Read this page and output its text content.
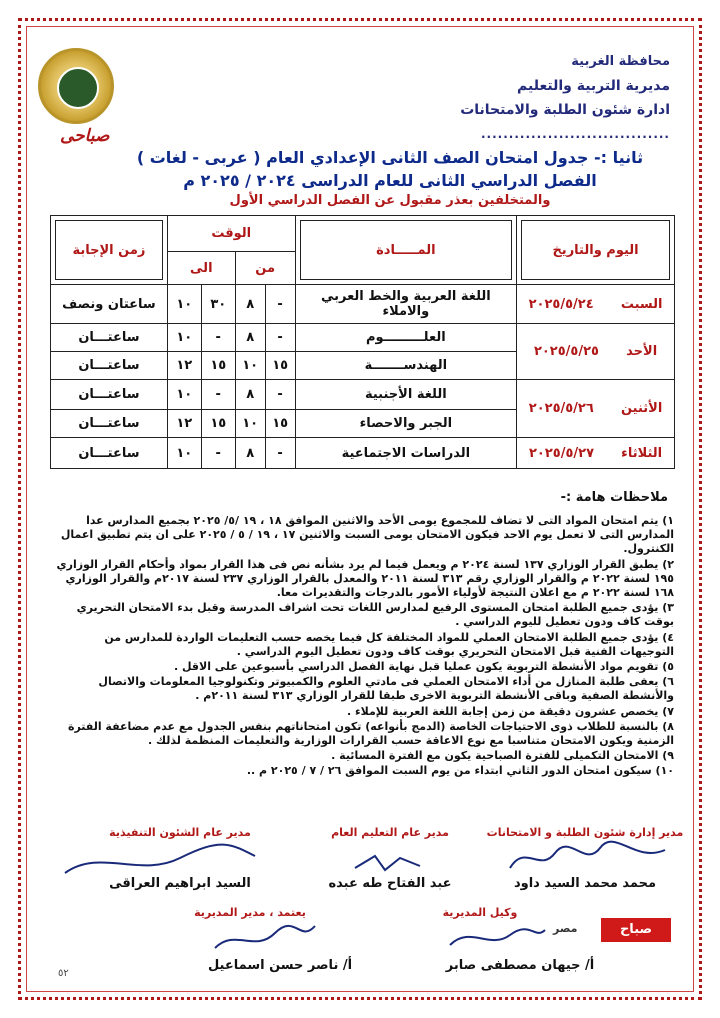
محافظة الغربية
مديرية التربية والتعليم
ادارة شئون الطلبة والامتحانات
..................................
صباحى
ثانيا :- جدول امتحان الصف الثانى الإعدادي العام ( عربى - لغات )
الفصل الدراسي الثانى للعام الدراسى ٢٠٢٤ / ٢٠٢٥ م
والمتخلفين بعذر مقبول عن الفصل الدراسي الأول
اليوم والتاريخ	المـــــادة	الوقت				زمن الإجابة
		من		الى		
السبت      ٢٠٢٥/٥/٢٤	اللغة العربية والخط العربي والاملاء	-	٨	٣٠	١٠	ساعتان ونصف
الأحد      ٢٠٢٥/٥/٢٥	العلـــــــــوم	-	٨	-	١٠	ساعتـــان
	الهندســـــــة	١٥	١٠	١٥	١٢	ساعتـــان
الأثنين      ٢٠٢٥/٥/٢٦	اللغة الأجنبية	-	٨	-	١٠	ساعتـــان
	الجبر والاحصاء	١٥	١٠	١٥	١٢	ساعتـــان
الثلاثاء      ٢٠٢٥/٥/٢٧	الدراسات الاجتماعية	-	٨	-	١٠	ساعتـــان
ملاحظات هامة :-

١) يتم امتحان المواد التى لا تضاف للمجموع يومى الأحد والاثنين الموافق ١٨ ، ١٩ /٥/ ٢٠٢٥ بجميع المدارس عدا المدارس التى لا تعمل يوم الاحد فيكون الامتحان يومى السبت والاثنين ١٧ ، ١٩ / ٥ / ٢٠٢٥ على ان يتم تطبيق اعمال الكنترول.

٢) يطبق القرار الوزاري ١٣٧ لسنة ٢٠٢٤ م ويعمل فيما لم يرد بشأنه نص فى هذا القرار بمواد وأحكام القرار الوزاري ١٩٥ لسنة ٢٠٢٢ م والقرار الوزاري رقم ٣١٣ لسنة ٢٠١١ والمعدل بالقرار الوزاري ٢٣٧ لسنة ٢٠١٧م والقرار الوزاري ١٦٨ لسنة ٢٠٢٢ م مع اعلان النتيجة لأولياء الأمور بالدرجات والتقديرات معا.

٣) يؤدى جميع الطلبة امتحان المستوى الرفيع لمدارس اللغات تحت اشراف المدرسة وقبل بدء الامتحان التحريري بوقت كاف ودون تعطيل لليوم الدراسي .

٤) يؤدى جميع الطلبة الامتحان العملي للمواد المختلفة كل فيما يخصه حسب التعليمات الواردة للمدارس من التوجيهات الفنية قبل الامتحان التحريري بوقت كاف ودون تعطيل اليوم الدراسي .

٥) تقويم مواد الأنشطة التربوية يكون عمليا قبل نهاية الفصل الدراسي بأسبوعين على الاقل .

٦) يعفى طلبة المنازل من أداء الامتحان العملي فى مادتي العلوم والكمبيوتر وتكنولوجيا المعلومات والاتصال والأنشطة الصفية وباقى الأنشطة التربوية الاخرى طبقا للقرار الوزاري ٣١٣ لسنة ٢٠١١م .

٧) يخصص عشرون دقيقة من زمن إجابة اللغة العربية للإملاء .

٨) بالنسبة للطلاب ذوى الاحتياجات الخاصة (الدمج بأنواعه) تكون امتحاناتهم بنفس الجدول مع عدم مضاعفة الفترة الزمنية ويكون الامتحان متناسبا مع نوع الاعاقة حسب القرارات الوزارية والتعليمات المنظمة لذلك .

٩) الامتحان التكميلى للفترة الصباحية يكون مع الفترة المسائية .

١٠) سيكون امتحان الدور الثاني ابتداء من يوم السبت الموافق ٢٦ / ٧ / ٢٠٢٥ م ..

مدير إدارة شئون الطلبة و الامتحانات
محمد محمد السيد داود
مدير عام التعليم العام
عبد الفتاح طه عبده
مدير عام الشئون التنفيذية
السيد ابراهيم العراقى
وكيل المديرية
أ/ جيهان مصطفى صابر
يعتمد ، مدير المديرية
أ/ ناصر حسن اسماعيل
صباح
مصر
٥٢
